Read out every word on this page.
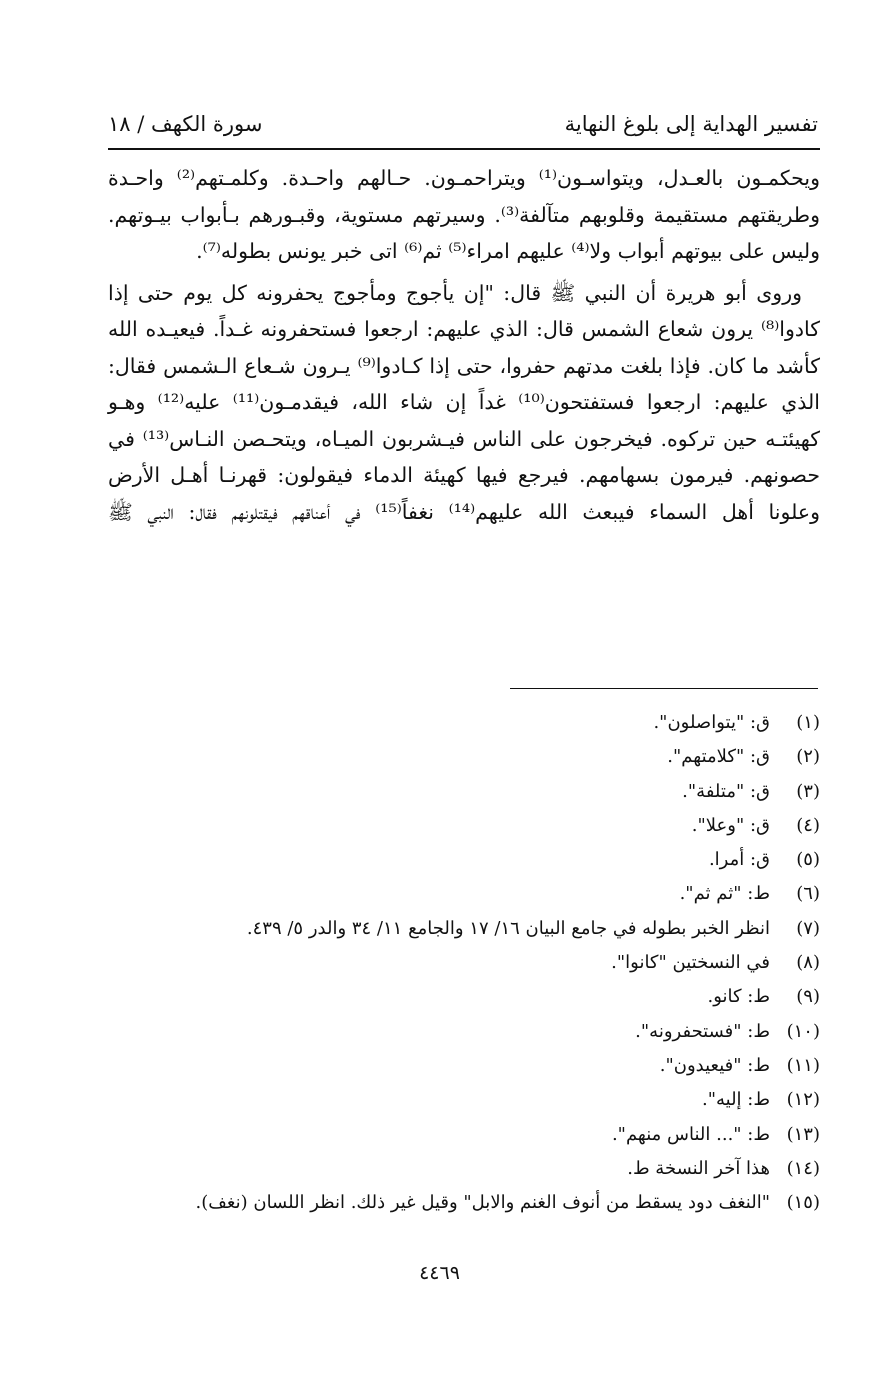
سورة الكهف / ١٨	تفسير الهداية إلى بلوغ النهاية

ويحكمـون بالعـدل، ويتواسـون⁽¹⁾ ويتراحمـون. حـالهم واحـدة. وكلمـتهم⁽²⁾ واحـدة وطريقتهم مستقيمة وقلوبهم متآلفة⁽³⁾. وسيرتهم مستوية، وقبـورهم بـأبواب بيـوتهم. وليس على بيوتهم أبواب ولا⁽⁴⁾ عليهم امراء⁽⁵⁾ ثم⁽⁶⁾ اتى خبر يونس بطوله⁽⁷⁾.

وروى أبو هريرة أن النبي ﷺ قال: "إن يأجوج ومأجوج يحفرونه كل يوم حتى إذا كادوا⁽⁸⁾ يرون شعاع الشمس قال: الذي عليهم: ارجعوا فستحفرونه غـداً. فيعيـده الله كأشد ما كان. فإذا بلغت مدتهم حفروا، حتى إذا كـادوا⁽⁹⁾ يـرون شـعاع الـشمس فقال: الذي عليهم: ارجعوا فستفتحون⁽¹⁰⁾ غداً إن شاء الله، فيقدمـون⁽¹¹⁾ عليه⁽¹²⁾ وهـو كهيئتـه حين تركوه. فيخرجون على الناس فيـشربون الميـاه، ويتحـصن النـاس⁽¹³⁾ في حصونهم. فيرمون بسهامهم. فيرجع فيها كهيئة الدماء فيقولون: قهرنـا أهـل الأرض وعلونا أهل السماء فيبعث الله عليهم⁽¹⁴⁾ نغفاً⁽¹⁵⁾ في أعناقهم فيقتلونهم فقال: النبي ﷺ

(١)ق: "يتواصلون".
(٢)ق: "كلامتهم".
(٣)ق: "متلفة".
(٤)ق: "وعلا".
(٥)ق: أمرا.
(٦)ط: "ثم ثم".
(٧)انظر الخبر بطوله في جامع البيان ١٦/ ١٧ والجامع ١١/ ٣٤ والدر ٥/ ٤٣٩.
(٨)في النسختين "كانوا".
(٩)ط: كانو.
(١٠)ط: "فستحفرونه".
(١١)ط: "فيعيدون".
(١٢)ط: إليه".
(١٣)ط: "... الناس منهم".
(١٤)هذا آخر النسخة ط.
(١٥)"النغف دود يسقط من أنوف الغنم والابل" وقيل غير ذلك. انظر اللسان (نغف).
٤٤٦٩
